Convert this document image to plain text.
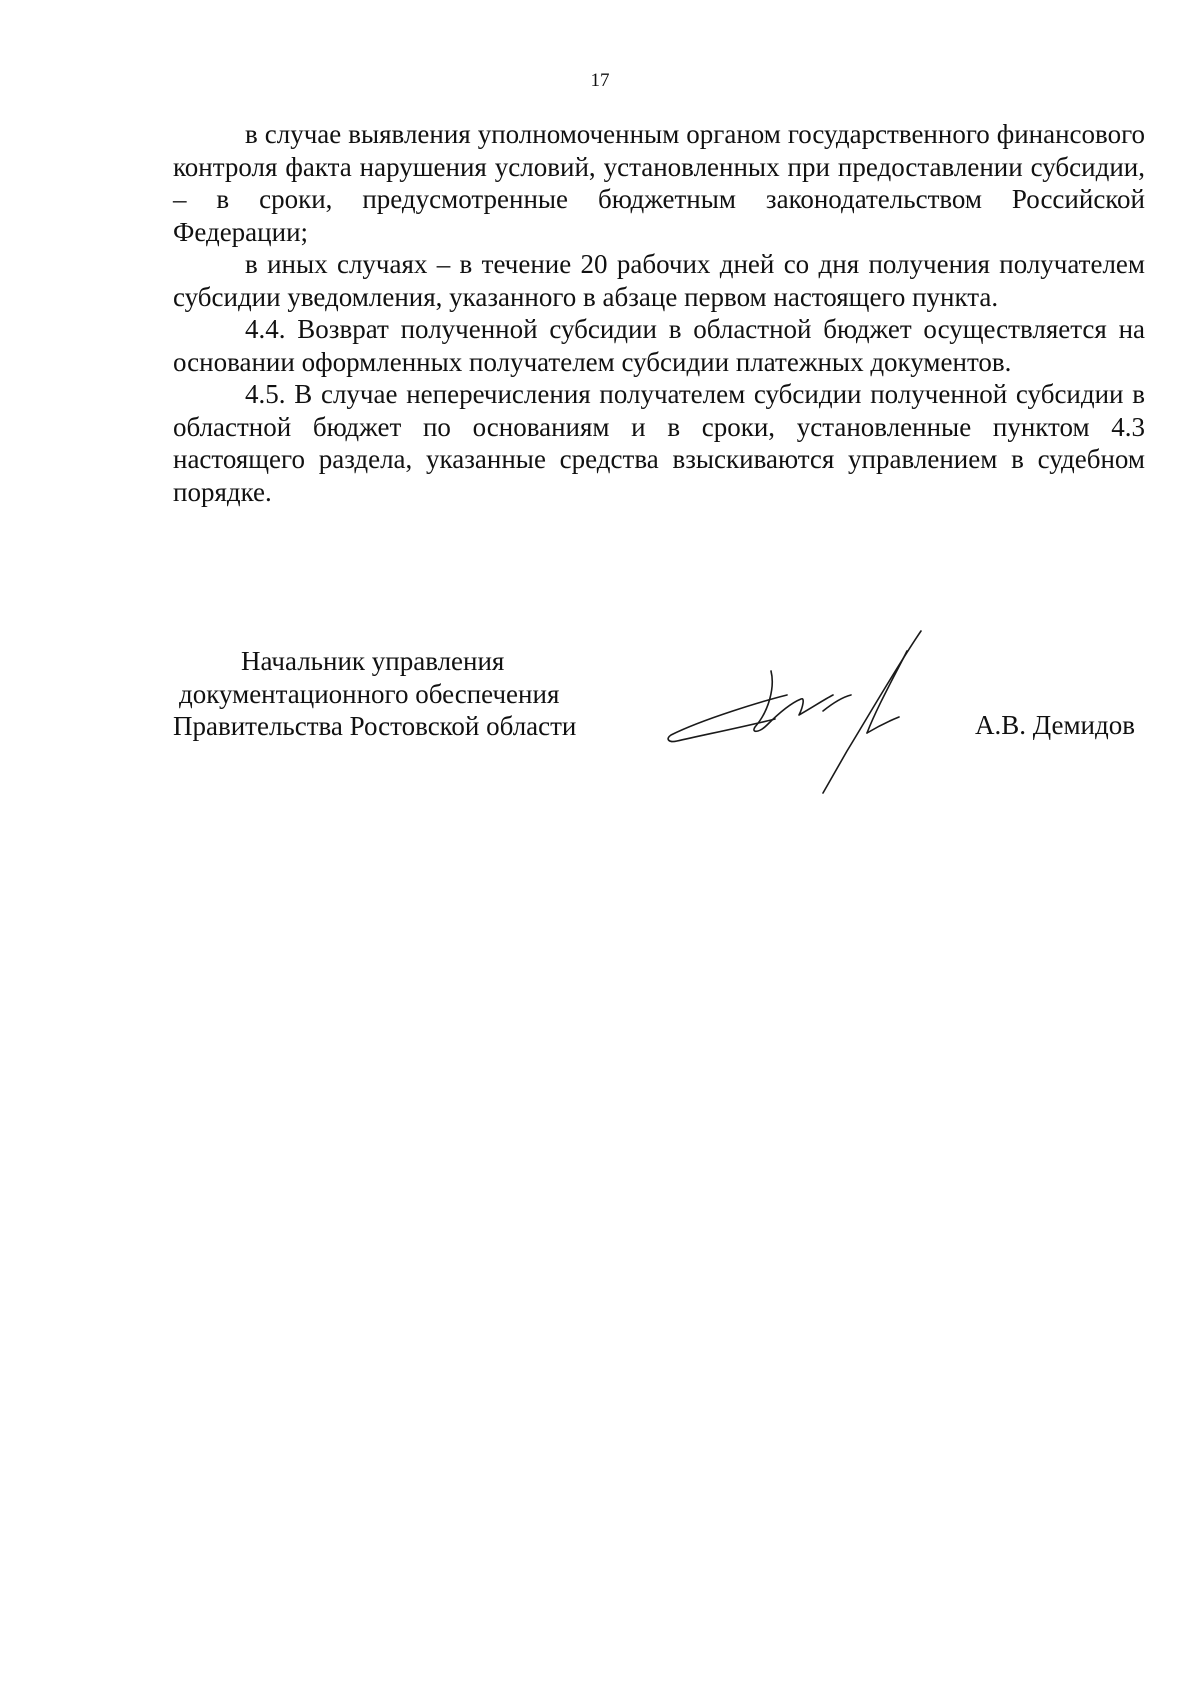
17

в случае выявления уполномоченным органом государственного финансового контроля факта нарушения условий, установленных при предоставлении субсидии, – в сроки, предусмотренные бюджетным законодательством Российской Федерации;

в иных случаях – в течение 20 рабочих дней со дня получения получателем субсидии уведомления, указанного в абзаце первом настоящего пункта.

4.4. Возврат полученной субсидии в областной бюджет осуществляется на основании оформленных получателем субсидии платежных документов.

4.5. В случае неперечисления получателем субсидии полученной субсидии в областной бюджет по основаниям и в сроки, установленные пунктом 4.3 настоящего раздела, указанные средства взыскиваются управлением в судебном порядке.

Начальник управления
документационного обеспечения
Правительства Ростовской области	А.В. Демидов
